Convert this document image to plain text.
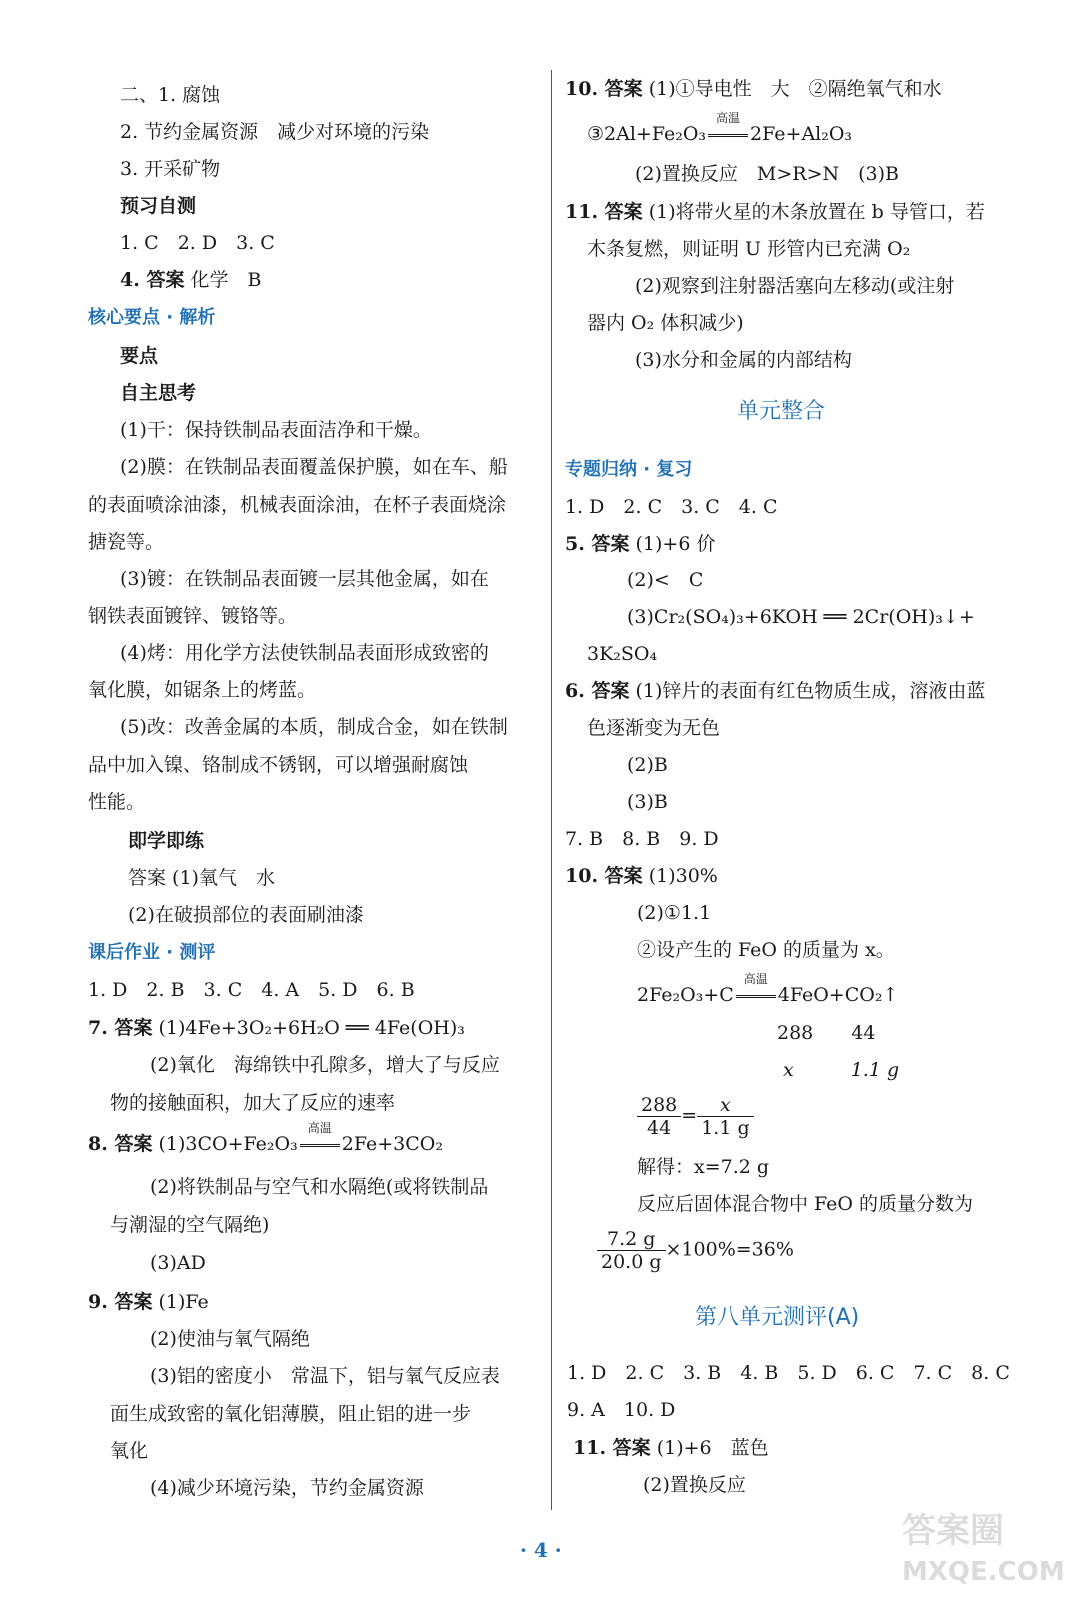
二、1. 腐蚀
2. 节约金属资源　减少对环境的污染
3. 开采矿物
预习自测
1. C　2. D　3. C
4. 答案 化学　B
核心要点 · 解析
要点
自主思考
(1)干：保持铁制品表面洁净和干燥。
(2)膜：在铁制品表面覆盖保护膜，如在车、船
的表面喷涂油漆，机械表面涂油，在杯子表面烧涂
搪瓷等。
(3)镀：在铁制品表面镀一层其他金属，如在
钢铁表面镀锌、镀铬等。
(4)烤：用化学方法使铁制品表面形成致密的
氧化膜，如锯条上的烤蓝。
(5)改：改善金属的本质，制成合金，如在铁制
品中加入镍、铬制成不锈钢，可以增强耐腐蚀
性能。
即学即练
答案 (1)氧气　水
(2)在破损部位的表面刷油漆
课后作业 · 测评
1. D　2. B　3. C　4. A　5. D　6. B
7. 答案 (1)4Fe+3O₂+6H₂O ══ 4Fe(OH)₃
(2)氧化　海绵铁中孔隙多，增大了与反应
物的接触面积，加大了反应的速率
8. 答案 (1)3CO+Fe₂O₃
高温
2Fe+3CO₂
(2)将铁制品与空气和水隔绝(或将铁制品
与潮湿的空气隔绝)
(3)AD
9. 答案 (1)Fe
(2)使油与氧气隔绝
(3)铝的密度小　常温下，铝与氧气反应表
面生成致密的氧化铝薄膜，阻止铝的进一步
氧化
(4)减少环境污染，节约金属资源
10. 答案 (1)①导电性　大　②隔绝氧气和水
③2Al+Fe₂O₃
高温
2Fe+Al₂O₃
(2)置换反应　M>R>N　(3)B
11. 答案 (1)将带火星的木条放置在 b 导管口，若
木条复燃，则证明 U 形管内已充满 O₂
(2)观察到注射器活塞向左移动(或注射
器内 O₂ 体积减少)
(3)水分和金属的内部结构
单元整合
专题归纳 · 复习
1. D　2. C　3. C　4. C
5. 答案 (1)+6 价
(2)<　C
(3)Cr₂(SO₄)₃+6KOH ══ 2Cr(OH)₃↓+
3K₂SO₄
6. 答案 (1)锌片的表面有红色物质生成，溶液由蓝
色逐渐变为无色
(2)B
(3)B
7. B　8. B　9. D
10. 答案 (1)30%
(2)①1.1
②设产生的 FeO 的质量为 x。
2Fe₂O₃+C
高温
4FeO+CO₂↑
288　　44
x　　　1.1 g
$\frac{288}{44} = \frac{x}{1.1 g}$
解得：x=7.2 g
反应后固体混合物中 FeO 的质量分数为
$\frac{7.2 g}{20.0 g} \times 100\%=36\%$
第八单元测评(A)
1. D　2. C　3. B　4. B　5. D　6. C　7. C　8. C
9. A　10. D
11. 答案 (1)+6　蓝色
(2)置换反应
· 4 ·	答案圈
MXQE.COM
